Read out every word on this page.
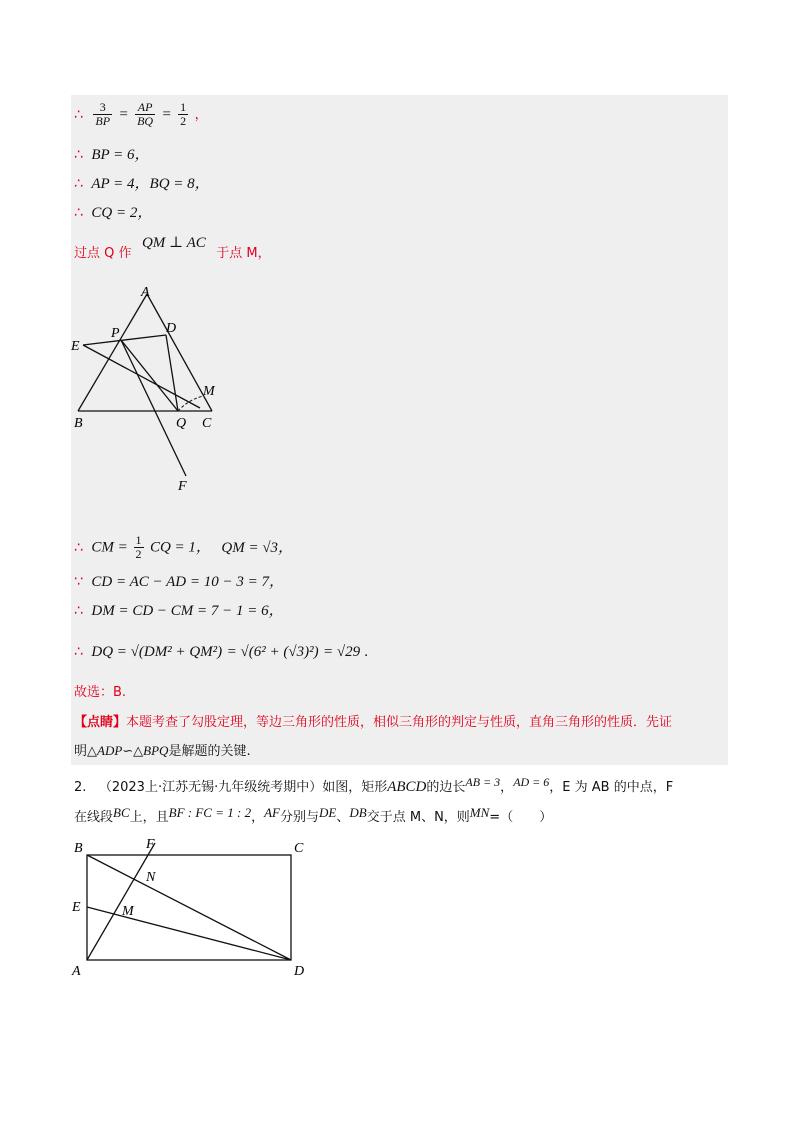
∴ $\frac{3}{BP} = \frac{AP}{BQ} = \frac{1}{2}$ ，
∴ BP = 6，
∴ AP = 4，BQ = 8，
∴ CQ = 2，
过点 Q 作 QM ⊥ AC 于点 M，
A
P	D
E
M
B	Q C
F
∴ CM = $\frac{1}{2}$ CQ = 1， QM = √3，
∵ CD = AC − AD = 10 − 3 = 7，
∴ DM = CD − CM = 7 − 1 = 6，
∴ DQ = √(DM² + QM²) = √(6² + (√3)²) = √29 .
故选：B.
【点睛】本题考查了勾股定理，等边三角形的性质，相似三角形的判定与性质，直角三角形的性质．先证
明△ADP∽△BPQ是解题的关键.
2. （2023上·江苏无锡·九年级统考期中）如图，矩形ABCD的边长AB = 3，AD = 6，E 为 AB 的中点，F
在线段BC上，且BF : FC = 1 : 2，AF分别与DE、DB交于点 M、N，则MN=（　　）
B	F	C
N
E	M
A	D
